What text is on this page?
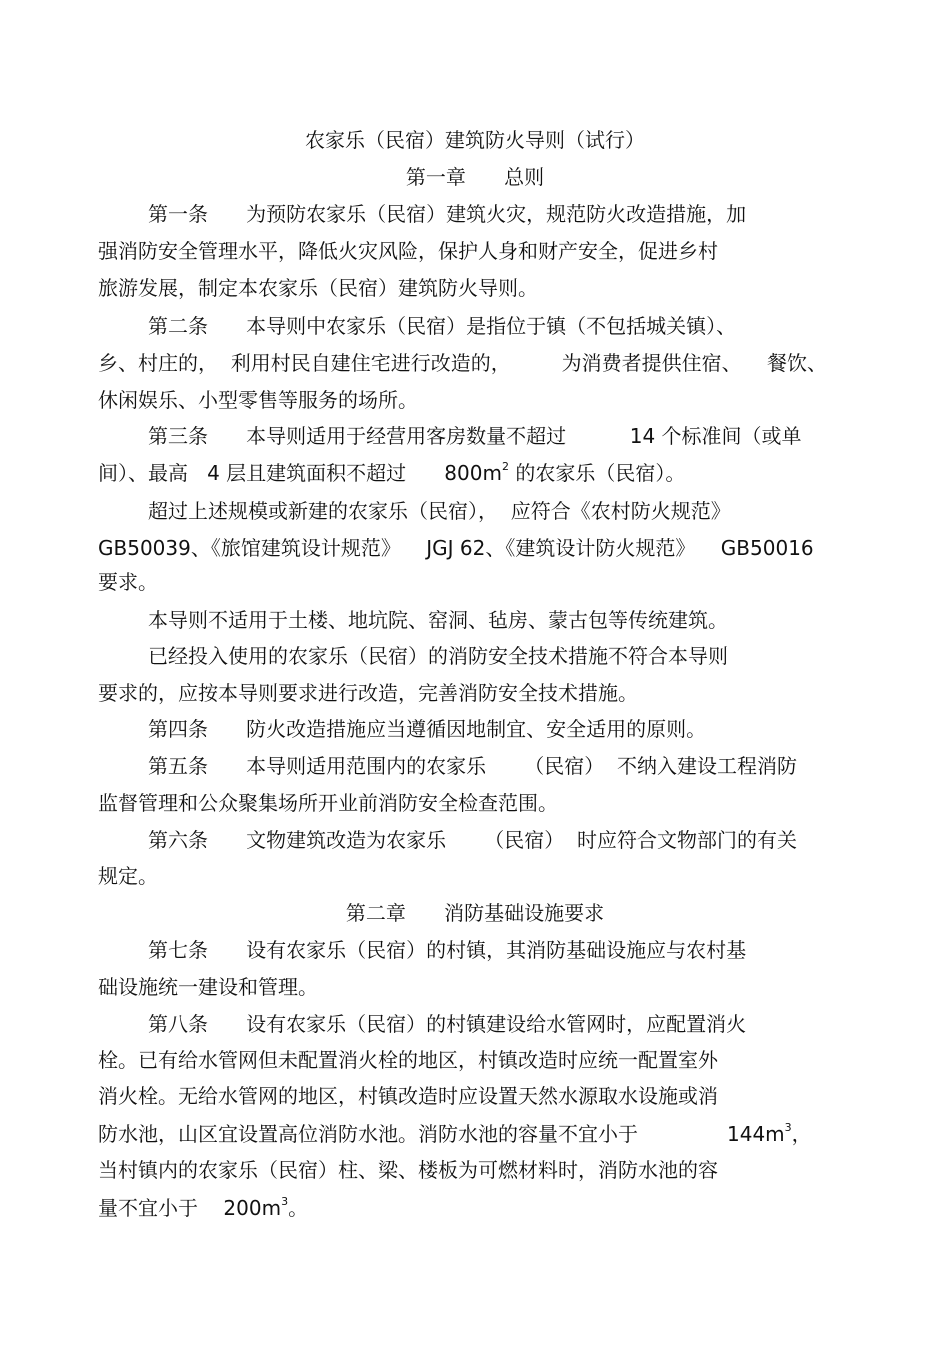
农家乐（民宿）建筑防火导则（试行）
第一章      总则
第一条      为预防农家乐（民宿）建筑火灾，规范防火改造措施，加
强消防安全管理水平，降低火灾风险，保护人身和财产安全，促进乡村
旅游发展，制定本农家乐（民宿）建筑防火导则。
第二条      本导则中农家乐（民宿）是指位于镇（不包括城关镇）、
乡、村庄的，  利用村民自建住宅进行改造的，        为消费者提供住宿、    餐饮、
休闲娱乐、小型零售等服务的场所。
第三条      本导则适用于经营用客房数量不超过          14 个标准间（或单
间）、最高   4 层且建筑面积不超过      $800m^2$ 的农家乐（民宿）。
超过上述规模或新建的农家乐（民宿），  应符合《农村防火规范》
GB50039、《旅馆建筑设计规范》    JGJ 62、《建筑设计防火规范》    GB50016
要求。
本导则不适用于土楼、地坑院、窑洞、毡房、蒙古包等传统建筑。
已经投入使用的农家乐（民宿）的消防安全技术措施不符合本导则
要求的，应按本导则要求进行改造，完善消防安全技术措施。
第四条      防火改造措施应当遵循因地制宜、安全适用的原则。
第五条      本导则适用范围内的农家乐      （民宿）  不纳入建设工程消防
监督管理和公众聚集场所开业前消防安全检查范围。
第六条      文物建筑改造为农家乐      （民宿）  时应符合文物部门的有关
规定。
第二章      消防基础设施要求
第七条      设有农家乐（民宿）的村镇，其消防基础设施应与农村基
础设施统一建设和管理。
第八条      设有农家乐（民宿）的村镇建设给水管网时，应配置消火
栓。已有给水管网但未配置消火栓的地区，村镇改造时应统一配置室外
消火栓。无给水管网的地区，村镇改造时应设置天然水源取水设施或消
防水池，山区宜设置高位消防水池。消防水池的容量不宜小于              $144m^3$，
当村镇内的农家乐（民宿）柱、梁、楼板为可燃材料时，消防水池的容
量不宜小于    $200m^3$。
